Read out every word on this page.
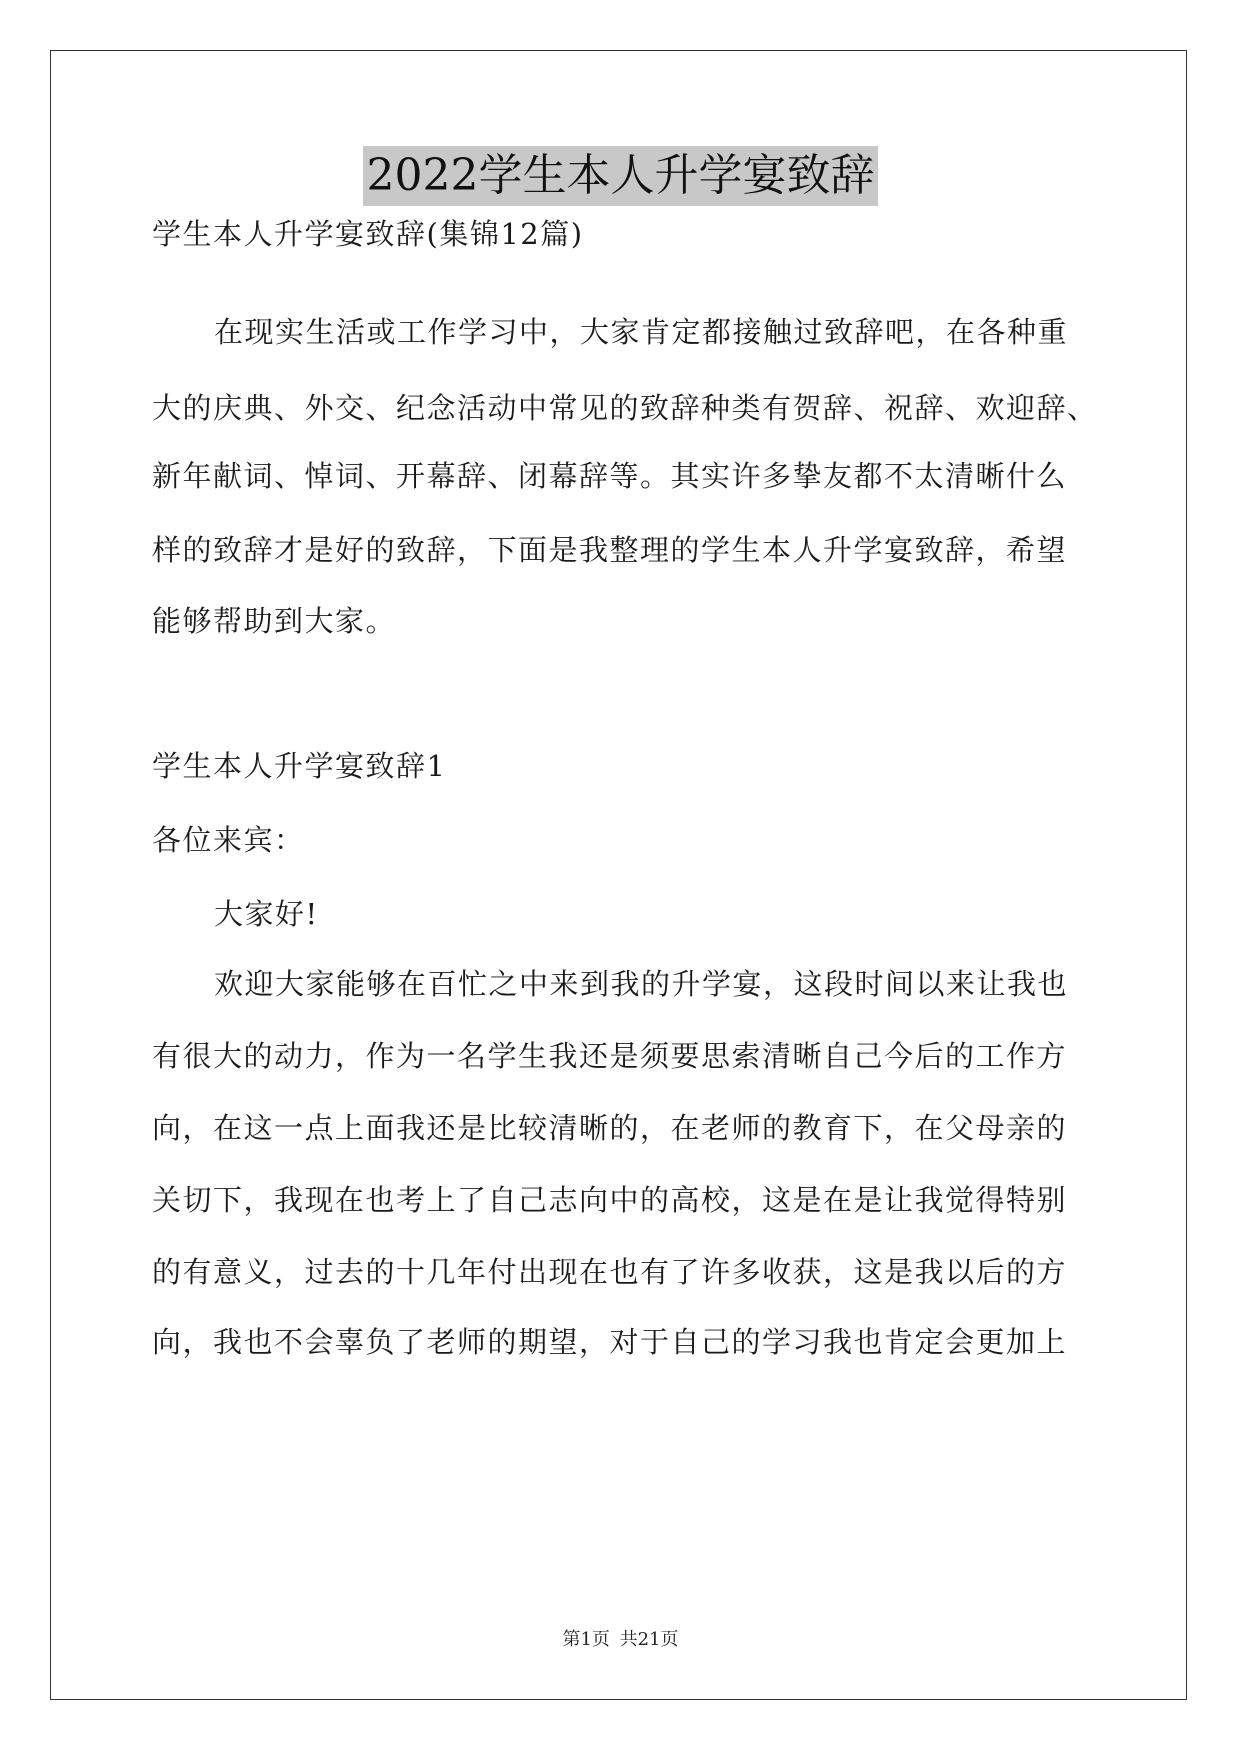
2022学生本人升学宴致辞
学生本人升学宴致辞(集锦12篇)
在现实生活或工作学习中，大家肯定都接触过致辞吧，在各种重
大的庆典、外交、纪念活动中常见的致辞种类有贺辞、祝辞、欢迎辞、
新年献词、悼词、开幕辞、闭幕辞等。其实许多挚友都不太清晰什么
样的致辞才是好的致辞，下面是我整理的学生本人升学宴致辞，希望
能够帮助到大家。
学生本人升学宴致辞1
各位来宾：
大家好!
欢迎大家能够在百忙之中来到我的升学宴，这段时间以来让我也
有很大的动力，作为一名学生我还是须要思索清晰自己今后的工作方
向，在这一点上面我还是比较清晰的，在老师的教育下，在父母亲的
关切下，我现在也考上了自己志向中的高校，这是在是让我觉得特别
的有意义，过去的十几年付出现在也有了许多收获，这是我以后的方
向，我也不会辜负了老师的期望，对于自己的学习我也肯定会更加上
第1页 共21页
